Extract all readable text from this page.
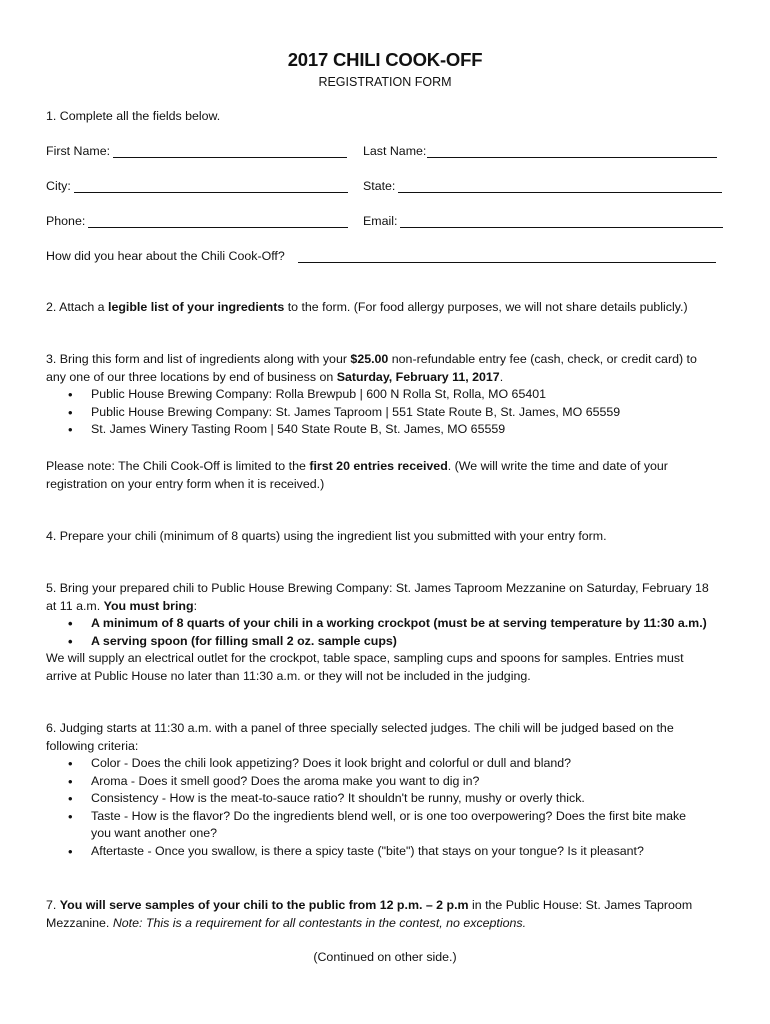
2017 CHILI COOK-OFF
REGISTRATION FORM
1. Complete all the fields below.
First Name:	Last Name:
City:	State:
Phone:	Email:
How did you hear about the Chili Cook-Off?
2. Attach a legible list of your ingredients to the form. (For food allergy purposes, we will not share details publicly.)
3. Bring this form and list of ingredients along with your $25.00 non-refundable entry fee (cash, check, or credit card) to
any one of our three locations by end of business on Saturday, February 11, 2017.
• Public House Brewing Company: Rolla Brewpub | 600 N Rolla St, Rolla, MO 65401
• Public House Brewing Company: St. James Taproom | 551 State Route B, St. James, MO 65559
• St. James Winery Tasting Room | 540 State Route B, St. James, MO 65559
Please note: The Chili Cook-Off is limited to the first 20 entries received. (We will write the time and date of your
registration on your entry form when it is received.)
4. Prepare your chili (minimum of 8 quarts) using the ingredient list you submitted with your entry form.
5. Bring your prepared chili to Public House Brewing Company: St. James Taproom Mezzanine on Saturday, February 18
at 11 a.m. You must bring:
• A minimum of 8 quarts of your chili in a working crockpot (must be at serving temperature by 11:30 a.m.)
• A serving spoon (for filling small 2 oz. sample cups)
We will supply an electrical outlet for the crockpot, table space, sampling cups and spoons for samples. Entries must
arrive at Public House no later than 11:30 a.m. or they will not be included in the judging.
6. Judging starts at 11:30 a.m. with a panel of three specially selected judges. The chili will be judged based on the
following criteria:
• Color - Does the chili look appetizing? Does it look bright and colorful or dull and bland?
• Aroma - Does it smell good? Does the aroma make you want to dig in?
• Consistency - How is the meat-to-sauce ratio? It shouldn't be runny, mushy or overly thick.
• Taste - How is the flavor? Do the ingredients blend well, or is one too overpowering? Does the first bite make
you want another one?
• Aftertaste - Once you swallow, is there a spicy taste ("bite") that stays on your tongue? Is it pleasant?
7. You will serve samples of your chili to the public from 12 p.m. – 2 p.m in the Public House: St. James Taproom
Mezzanine. Note: This is a requirement for all contestants in the contest, no exceptions.
(Continued on other side.)
